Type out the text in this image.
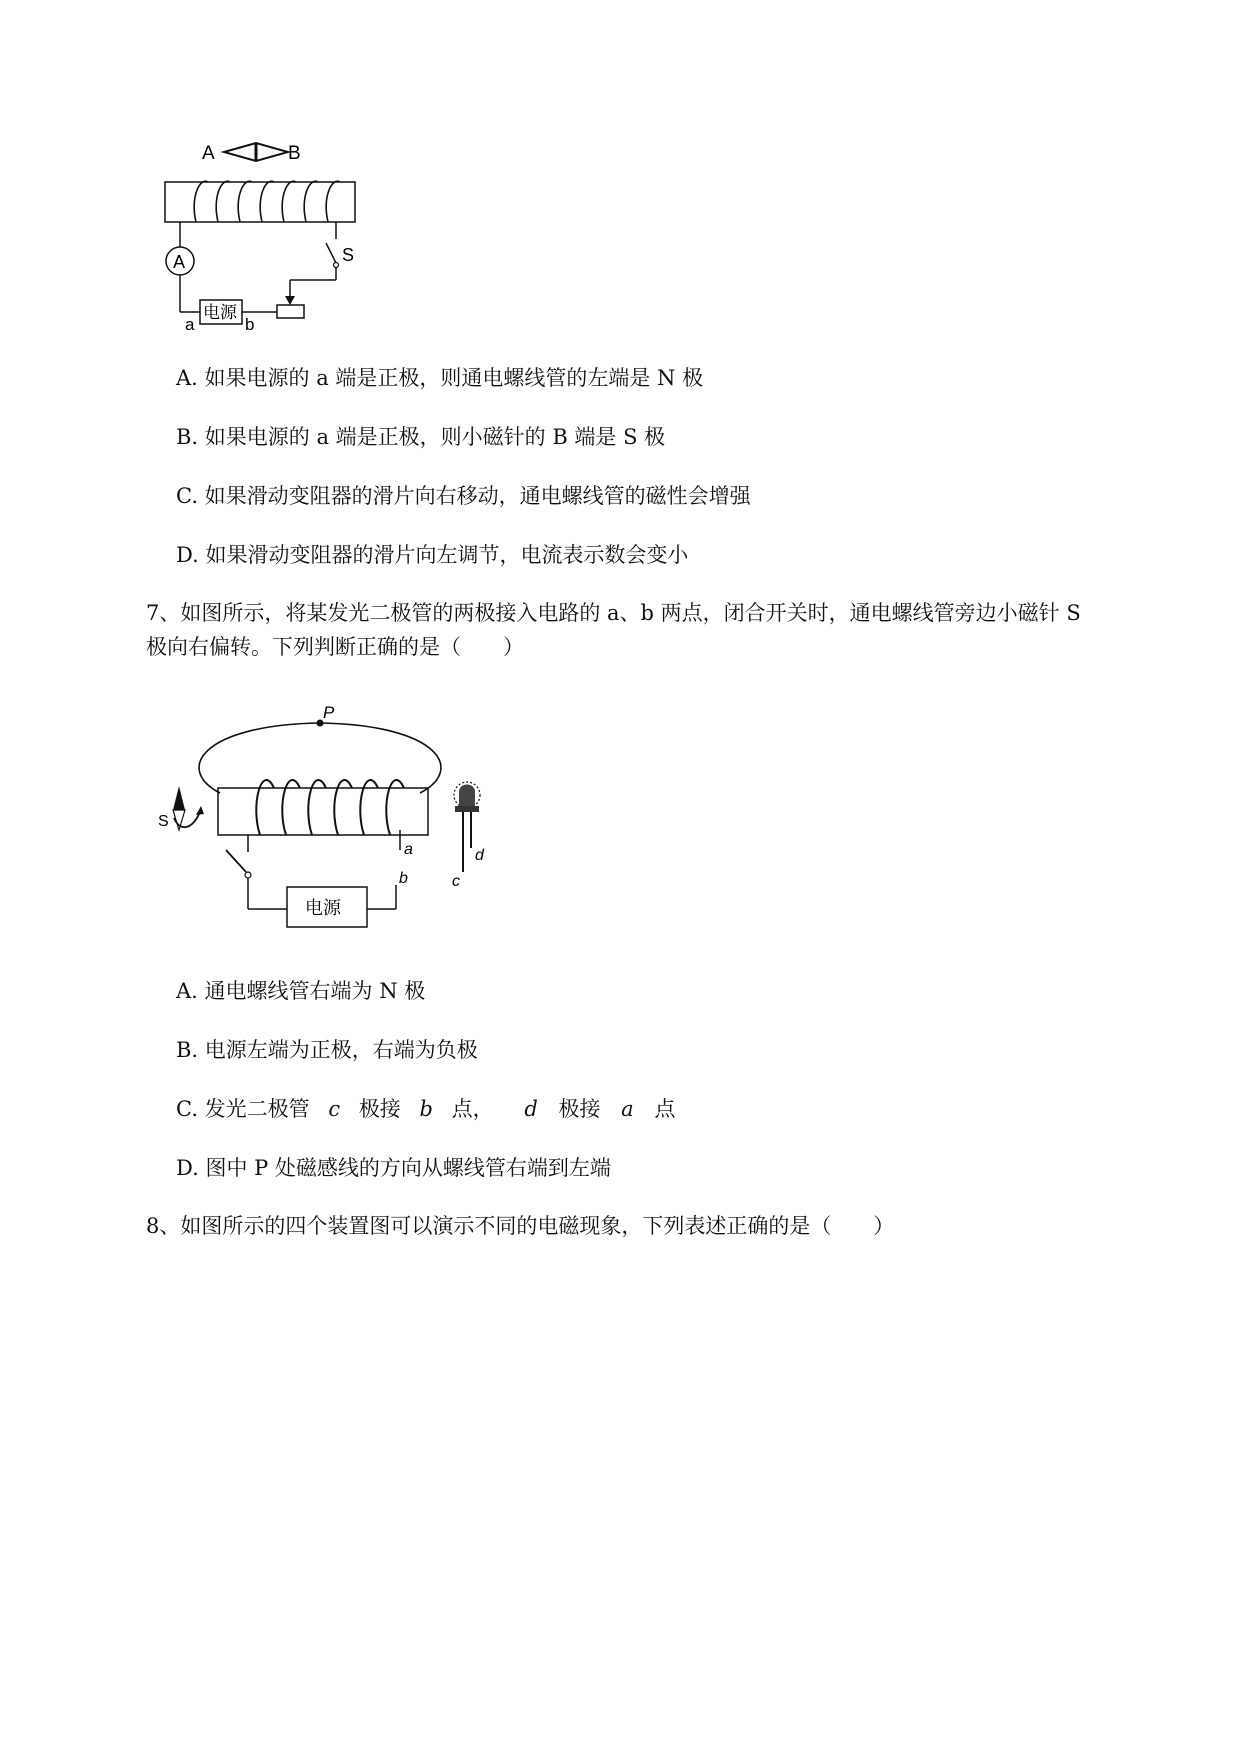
A	B
A
电源
a	b
S
A. 如果电源的 a 端是正极，则通电螺线管的左端是 N 极
B. 如果电源的 a 端是正极，则小磁针的 B 端是 S 极
C. 如果滑动变阻器的滑片向右移动，通电螺线管的磁性会增强
D. 如果滑动变阻器的滑片向左调节，电流表示数会变小
7、如图所示，将某发光二极管的两极接入电路的 a、b 两点，闭合开关时，通电螺线管旁边小磁针 S
极向右偏转。下列判断正确的是（　　）
P
S
a
电源
b	c
d
A. 通电螺线管右端为 N 极
B. 电源左端为正极，右端为负极
C. 发光二极管 c 极接 b 点， d 极接 a 点
D. 图中 P 处磁感线的方向从螺线管右端到左端
8、如图所示的四个装置图可以演示不同的电磁现象，下列表述正确的是（　　）
